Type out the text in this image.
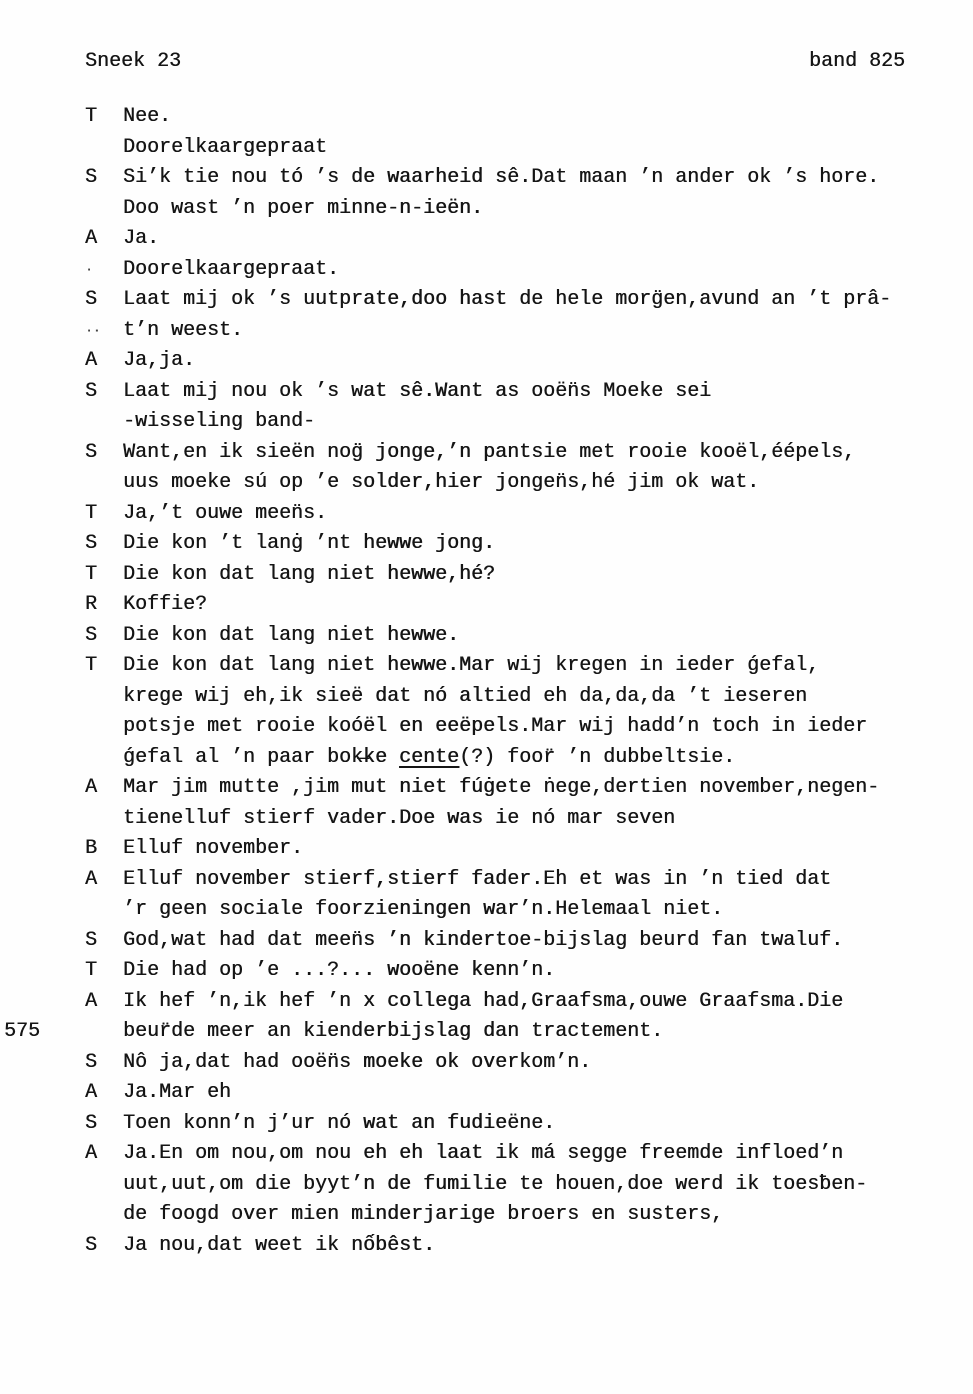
Sneek 23	band 825
T	Nee.
Doorelkaargepraat
S	Si’k tie nou tó ’s de waarheid sê.Dat maan ’n ander ok ’s hore.
Doo wast ’n poer minne-n-ieën.
A	Ja.
·	Doorelkaargepraat.
S	Laat mij ok ’s uutprate,doo hast de hele morg̈en,avund an ’t prâ-
··	t’n weest.
A	Ja,ja.
S	Laat mij nou ok ’s wat sê.Want as ooën̈s Moeke sei
-wisseling band-
S	Want,en ik sieën nog̈ jonge,’n pantsie met rooie kooël,éépels,
uus moeke sú op ’e solder,hier jongen̈s,hé jim ok wat.
T	Ja,’t ouwe meen̈s.
S	Die kon ’t lanġ ’nt hewwe jong.
T	Die kon dat lang niet hewwe,hé?
R	Koffie?
S	Die kon dat lang niet hewwe.
T	Die kon dat lang niet hewwe.Mar wij kregen in ieder ǵefal,
krege wij eh,ik sieë dat nó altied eh da,da,da ’t ieseren
potsje met rooie koóël en eeëpels.Mar wij hadd’n toch in ieder
ǵefal al ’n paar bok̶ke cente(?) foor̈ ’n dubbeltsie.
A	Mar jim mutte ,jim mut niet fúġete ṅege,dertien november,negen-
tienelluf stierf vader.Doe was ie nó mar seven
B	Elluf november.
A	Elluf november stierf,stierf fader.Eh et was in ’n tied dat
’r geen sociale foorzieningen war’n.Helemaal niet.
S	God,wat had dat meen̈s ’n kindertoe-bijslag beurd fan twaluf.
T	Die had op ’e ...?... wooëne kenn’n.
A	Ik hef ’n,ik hef ’n x collega had,Graafsma,ouwe Graafsma.Die
575	beur̈de meer an kienderbijslag dan tractement.
S	Nô ja,dat had ooën̈s moeke ok overkom’n.
A	Ja.Mar eh
S	Toen konn’n j’ur nó wat an fudieëne.
A	Ja.En om nou,om nou eh eh laat ik má segge freemde infloed’n
uut,uut,om die byyt’n de fumilie te houen,doe werd ik toesƀen-
de foogd over mien minderjarige broers en susters,
S	Ja nou,dat weet ik nốbêst.
